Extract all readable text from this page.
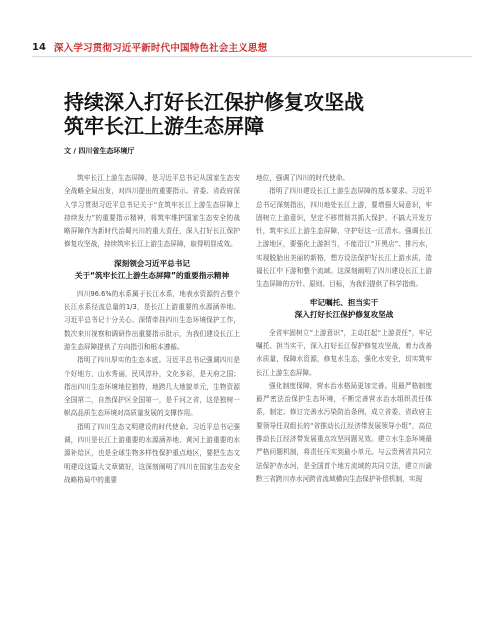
14 深入学习贯彻习近平新时代中国特色社会主义思想
持续深入打好长江保护修复攻坚战
筑牢长江上游生态屏障
文 / 四川省生态环境厅

筑牢长江上游生态屏障，是习近平总书记从国家生态安全战略全局出发，对四川提出的重要指示。省委、省政府深入学习贯彻习近平总书记关于“在筑牢长江上游生态屏障上持续发力”的重要指示精神，将筑牢维护国家生态安全的战略屏障作为新时代治蜀兴川的重大责任，深入打好长江保护修复攻坚战，持续筑牢长江上游生态屏障，取得明显成效。

深刻领会习近平总书记
关于“筑牢长江上游生态屏障”的重要指示精神

四川96.6%的水系属于长江水系，地表水资源约占整个长江水系径流总量的1/3，是长江上游重要的水源涵养地。习近平总书记十分关心、深情牵挂四川生态环境保护工作，数次来川视察和调研作出重要指示批示，为我们建设长江上游生态屏障提供了方向指引和根本遵循。

指明了四川厚实的生态本底。习近平总书记强调四川是个好地方，山水秀丽，民风淳朴，文化多彩，是天府之国；指出四川生态环境地位独特，地跨几大地貌单元，生物资源全国第二，自然保护区全国第一，是千河之省，这是独树一帜高品质生态环境对高质量发展的支撑作用。

指明了四川生态文明建设的时代使命。习近平总书记强调，四川是长江上游重要的水源涵养地、黄河上游重要的水源补给区，也是全球生物多样性保护重点地区，要把生态文明建设这篇大文章做好，这深刻阐明了四川在国家生态安全战略格局中的重要

地位，强调了四川的时代使命。

指明了四川建设长江上游生态屏障的基本要求。习近平总书记深刻指出，四川地处长江上游，要增强大局意识，牢固树立上游意识，坚定不移贯彻共抓大保护、不搞大开发方针，筑牢长江上游生态屏障，守护好这一江清水。强调长江上游地区，要强化上游担当，不能沿江“开黑店”、排污水，实现脱胎出美丽的新格，想方设法保护好长江上游水质，造福长江中下游和整个流域。这深刻阐明了四川建设长江上游生态屏障的方针、原则、目标，为我们提供了科学指南。

牢记嘱托、担当实干
深入打好长江保护修复攻坚战

全省牢固树立“上游意识”，主动扛起“上游责任”，牢记嘱托、担当实干，深入打好长江保护修复攻坚战，着力改善水质量，保障水资源，修复水生态，强化水安全，切实筑牢长江上游生态屏障。

强化制度保障，营水治水格局更加完善。用最严格制度最严密法治保护生态环境，不断完善营水治水组织责任体系，制定、修订完善水污染防治条例，成立省委、省政府主要领导任双组长的“省推动长江经济带发展领导小组”，高位推动长江经济带发展重点攻坚问题见效。建立水生态环境最严格问题机制，将责任压实到最小单元。与云贵两省共同立法保护赤水河，是全国首个地方流域的共同立法，建立川渝黔三省跨川赤水河跨省流域横向生态保护补偿机制，实现
